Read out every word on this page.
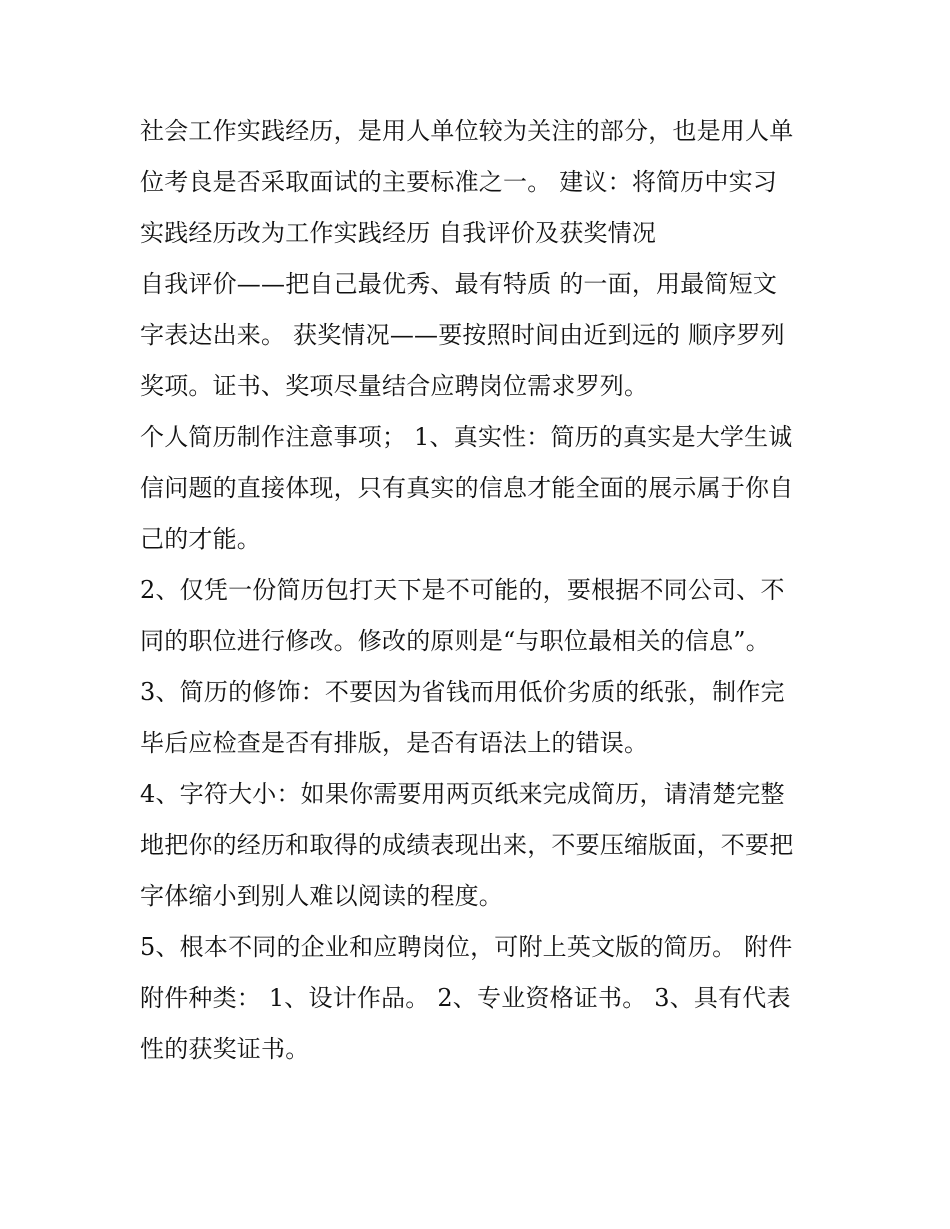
社会工作实践经历，是用人单位较为关注的部分，也是用人单
位考良是否采取面试的主要标准之一。 建议：将简历中实习
实践经历改为工作实践经历 自我评价及获奖情况
自我评价——把自己最优秀、最有特质 的一面，用最简短文
字表达出来。 获奖情况——要按照时间由近到远的 顺序罗列
奖项。证书、奖项尽量结合应聘岗位需求罗列。
个人简历制作注意事项； 1、真实性：简历的真实是大学生诚
信问题的直接体现，只有真实的信息才能全面的展示属于你自
己的才能。
2、仅凭一份简历包打天下是不可能的，要根据不同公司、不
同的职位进行修改。修改的原则是“与职位最相关的信息”。
3、简历的修饰：不要因为省钱而用低价劣质的纸张，制作完
毕后应检查是否有排版，是否有语法上的错误。
4、字符大小：如果你需要用两页纸来完成简历，请清楚完整
地把你的经历和取得的成绩表现出来，不要压缩版面，不要把
字体缩小到别人难以阅读的程度。
5、根本不同的企业和应聘岗位，可附上英文版的简历。 附件
附件种类： 1、设计作品。 2、专业资格证书。 3、具有代表
性的获奖证书。
